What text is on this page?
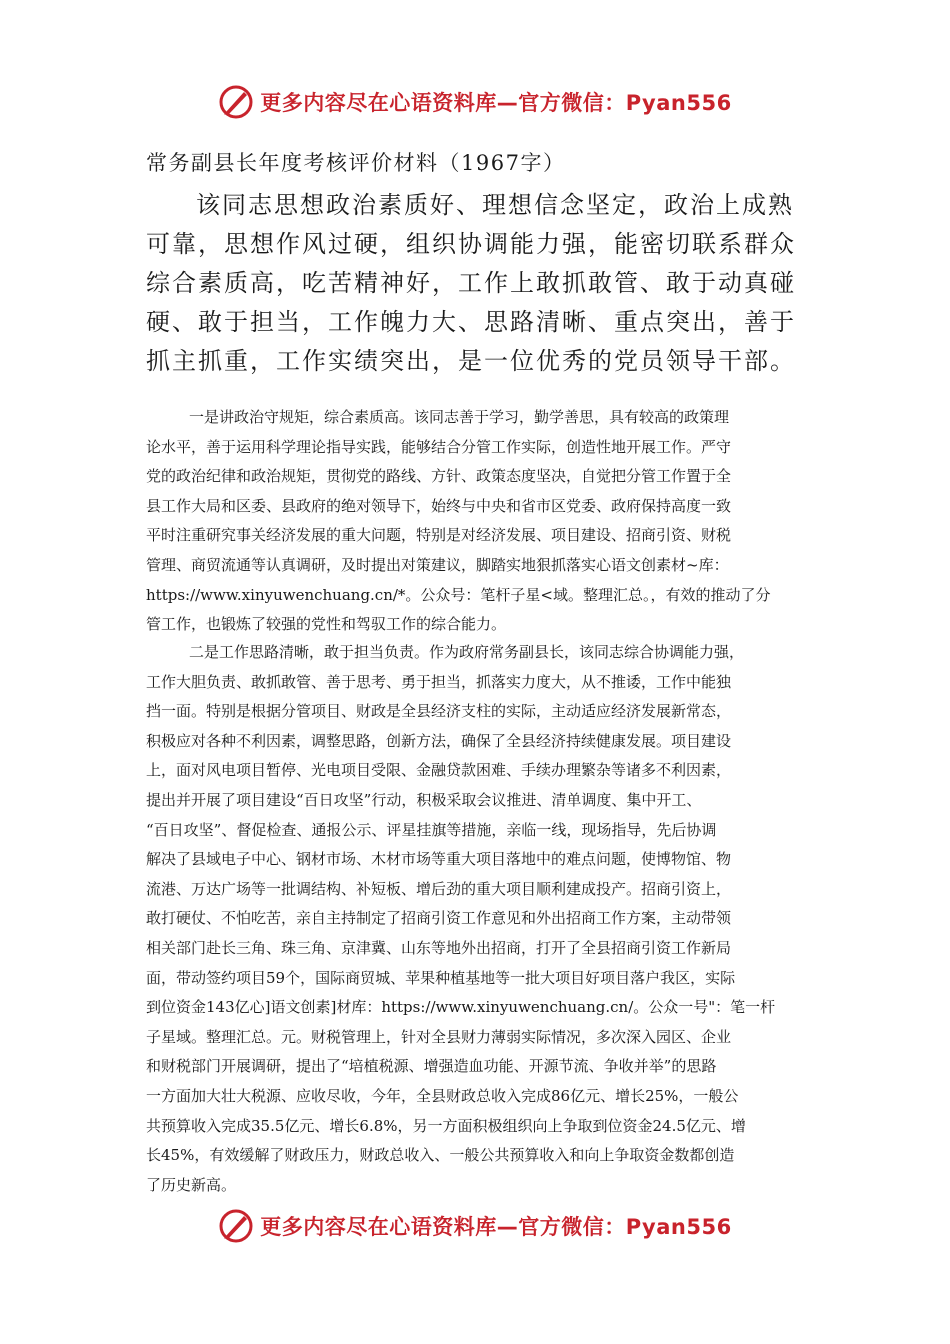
更多内容尽在心语资料库—官方微信：Pyan556
常务副县长年度考核评价材料（1967字）
该同志思想政治素质好、理想信念坚定，政治上成熟
可靠，思想作风过硬，组织协调能力强，能密切联系群众
综合素质高，吃苦精神好，工作上敢抓敢管、敢于动真碰
硬、敢于担当，工作魄力大、思路清晰、重点突出，善于
抓主抓重，工作实绩突出，是一位优秀的党员领导干部。
一是讲政治守规矩，综合素质高。该同志善于学习，勤学善思，具有较高的政策理
论水平，善于运用科学理论指导实践，能够结合分管工作实际，创造性地开展工作。严守
党的政治纪律和政治规矩，贯彻党的路线、方针、政策态度坚决，自觉把分管工作置于全
县工作大局和区委、县政府的绝对领导下，始终与中央和省市区党委、政府保持高度一致
平时注重研究事关经济发展的重大问题，特别是对经济发展、项目建设、招商引资、财税
管理、商贸流通等认真调研，及时提出对策建议，脚踏实地狠抓落实心语文创素材~库：
https://www.xinyuwenchuang.cn/*。公众号：笔杆子星<域。整理汇总。，有效的推动了分
管工作，也锻炼了较强的党性和驾驭工作的综合能力。
二是工作思路清晰，敢于担当负责。作为政府常务副县长，该同志综合协调能力强，
工作大胆负责、敢抓敢管、善于思考、勇于担当，抓落实力度大，从不推诿，工作中能独
挡一面。特别是根据分管项目、财政是全县经济支柱的实际，主动适应经济发展新常态，
积极应对各种不利因素，调整思路，创新方法，确保了全县经济持续健康发展。项目建设
上，面对风电项目暂停、光电项目受限、金融贷款困难、手续办理繁杂等诸多不利因素，
提出并开展了项目建设“百日攻坚”行动，积极采取会议推进、清单调度、集中开工、
“百日攻坚”、督促检查、通报公示、评星挂旗等措施，亲临一线，现场指导，先后协调
解决了县域电子中心、钢材市场、木材市场等重大项目落地中的难点问题，使博物馆、物
流港、万达广场等一批调结构、补短板、增后劲的重大项目顺利建成投产。招商引资上，
敢打硬仗、不怕吃苦，亲自主持制定了招商引资工作意见和外出招商工作方案，主动带领
相关部门赴长三角、珠三角、京津冀、山东等地外出招商，打开了全县招商引资工作新局
面，带动签约项目59个，国际商贸城、苹果种植基地等一批大项目好项目落户我区，实际
到位资金143亿心]语文创素]材库：https://www.xinyuwenchuang.cn/。公众一号"：笔一杆
子星域。整理汇总。元。财税管理上，针对全县财力薄弱实际情况，多次深入园区、企业
和财税部门开展调研，提出了“培植税源、增强造血功能、开源节流、争收并举”的思路
一方面加大壮大税源、应收尽收，今年，全县财政总收入完成86亿元、增长25%，一般公
共预算收入完成35.5亿元、增长6.8%，另一方面积极组织向上争取到位资金24.5亿元、增
长45%，有效缓解了财政压力，财政总收入、一般公共预算收入和向上争取资金数都创造
了历史新高。
更多内容尽在心语资料库—官方微信：Pyan556
